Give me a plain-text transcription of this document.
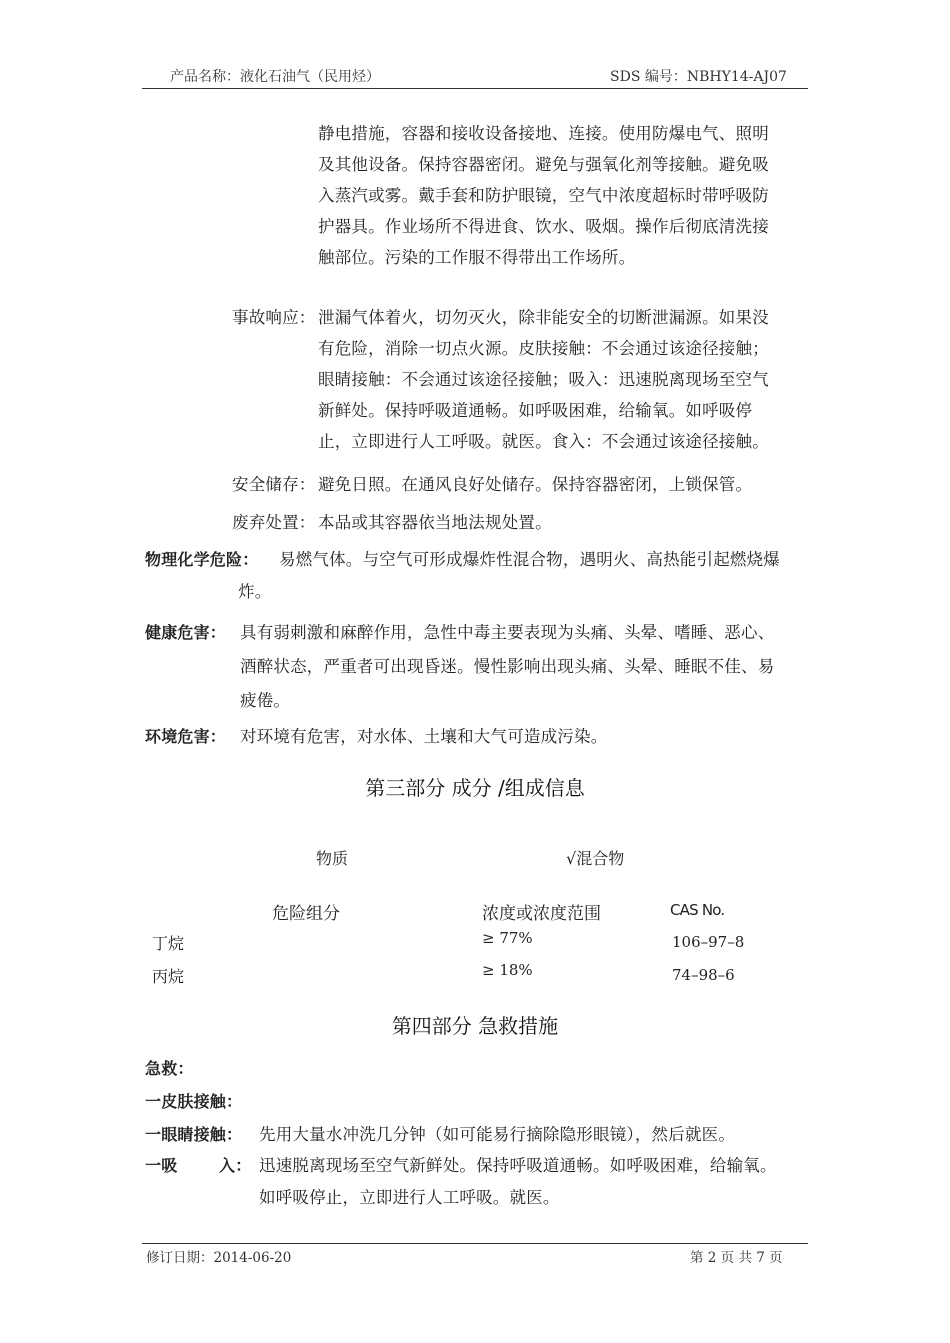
产品名称：液化石油气（民用烃）	SDS 编号：NBHY14-AJ07
静电措施，容器和接收设备接地、连接。使用防爆电气、照明
及其他设备。保持容器密闭。避免与强氧化剂等接触。避免吸
入蒸汽或雾。戴手套和防护眼镜，空气中浓度超标时带呼吸防
护器具。作业场所不得进食、饮水、吸烟。操作后彻底清洗接
触部位。污染的工作服不得带出工作场所。
事故响应： 泄漏气体着火，切勿灭火，除非能安全的切断泄漏源。如果没
有危险，消除一切点火源。皮肤接触：不会通过该途径接触；
眼睛接触：不会通过该途径接触；吸入：迅速脱离现场至空气
新鲜处。保持呼吸道通畅。如呼吸困难，给输氧。如呼吸停
止，立即进行人工呼吸。就医。食入：不会通过该途径接触。
安全储存： 避免日照。在通风良好处储存。保持容器密闭，上锁保管。
废弃处置： 本品或其容器依当地法规处置。
物理化学危险： 易燃气体。与空气可形成爆炸性混合物，遇明火、高热能引起燃烧爆
炸。
健康危害： 具有弱刺激和麻醉作用，急性中毒主要表现为头痛、头晕、嗜睡、恶心、
酒醉状态，严重者可出现昏迷。慢性影响出现头痛、头晕、睡眠不佳、易
疲倦。
环境危害： 对环境有危害，对水体、土壤和大气可造成污染。
第三部分 成分 /组成信息
物质	√混合物
危险组分	浓度或浓度范围	CAS No.
丁烷	≥ 77%	106–97–8
丙烷	≥ 18%	74–98–6
第四部分 急救措施
急救：
一皮肤接触：
一眼睛接触： 先用大量水冲洗几分钟（如可能易行摘除隐形眼镜），然后就医。
一吸	入： 迅速脱离现场至空气新鲜处。保持呼吸道通畅。如呼吸困难，给输氧。
如呼吸停止，立即进行人工呼吸。就医。
修订日期：2014-06-20	第 2 页 共 7 页
